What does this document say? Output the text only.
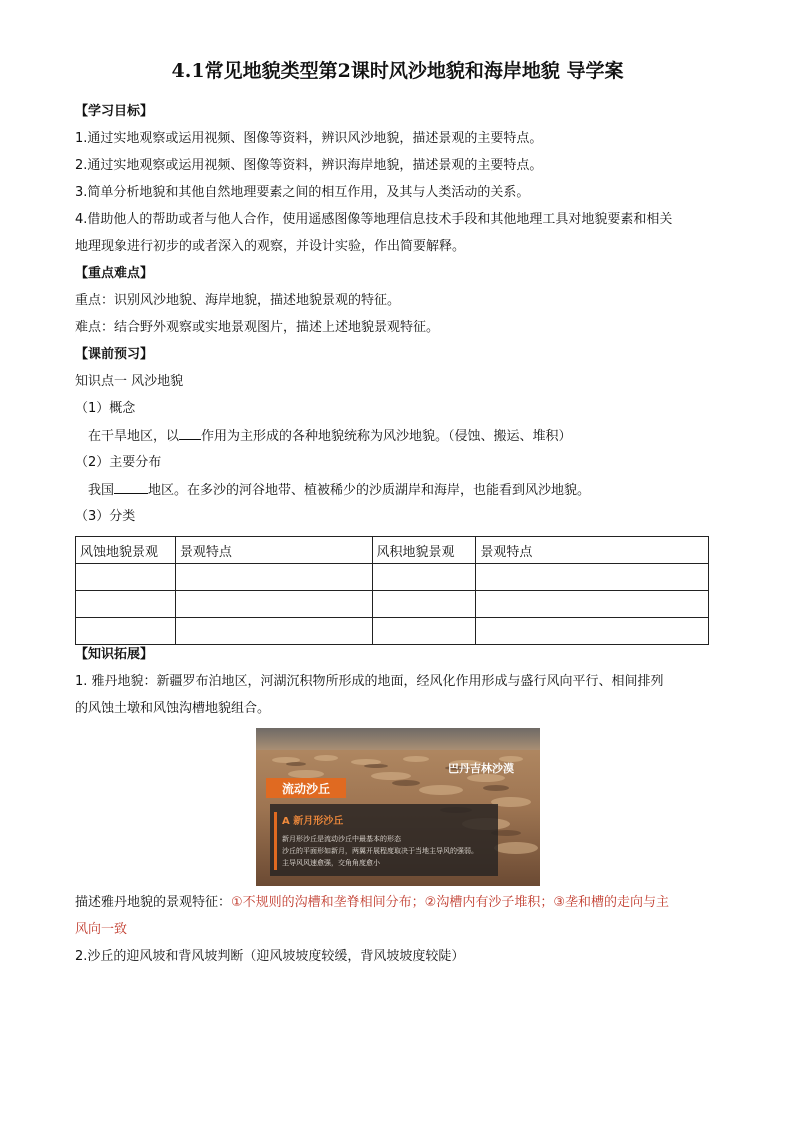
4.1常见地貌类型第2课时风沙地貌和海岸地貌 导学案
【学习目标】
1.通过实地观察或运用视频、图像等资料，辨识风沙地貌，描述景观的主要特点。
2.通过实地观察或运用视频、图像等资料，辨识海岸地貌，描述景观的主要特点。
3.简单分析地貌和其他自然地理要素之间的相互作用，及其与人类活动的关系。
4.借助他人的帮助或者与他人合作，使用遥感图像等地理信息技术手段和其他地理工具对地貌要素和相关
地理现象进行初步的或者深入的观察，并设计实验，作出简要解释。
【重点难点】
重点：识别风沙地貌、海岸地貌，描述地貌景观的特征。
难点：结合野外观察或实地景观图片，描述上述地貌景观特征。
【课前预习】
知识点一 风沙地貌
（1）概念
在干旱地区，以 作用为主形成的各种地貌统称为风沙地貌。（侵蚀、搬运、堆积）
（2）主要分布
我国	地区。在多沙的河谷地带、植被稀少的沙质湖岸和海岸，也能看到风沙地貌。
（3）分类
风蚀地貌景观	景观特点	风积地貌景观	景观特点

【知识拓展】
1. 雅丹地貌：新疆罗布泊地区，河湖沉积物所形成的地面，经风化作用形成与盛行风向平行、相间排列
的风蚀土墩和风蚀沟槽地貌组合。
巴丹吉林沙漠
流动沙丘
A 新月形沙丘
新月形沙丘是流动沙丘中最基本的形态
沙丘的平面形如新月，两翼开展程度取决于当地主导风的强弱。
主导风风速愈强，交角角度愈小
描述雅丹地貌的景观特征：①不规则的沟槽和垄脊相间分布；②沟槽内有沙子堆积；③垄和槽的走向与主
风向一致
2.沙丘的迎风坡和背风坡判断（迎风坡坡度较缓，背风坡坡度较陡）
